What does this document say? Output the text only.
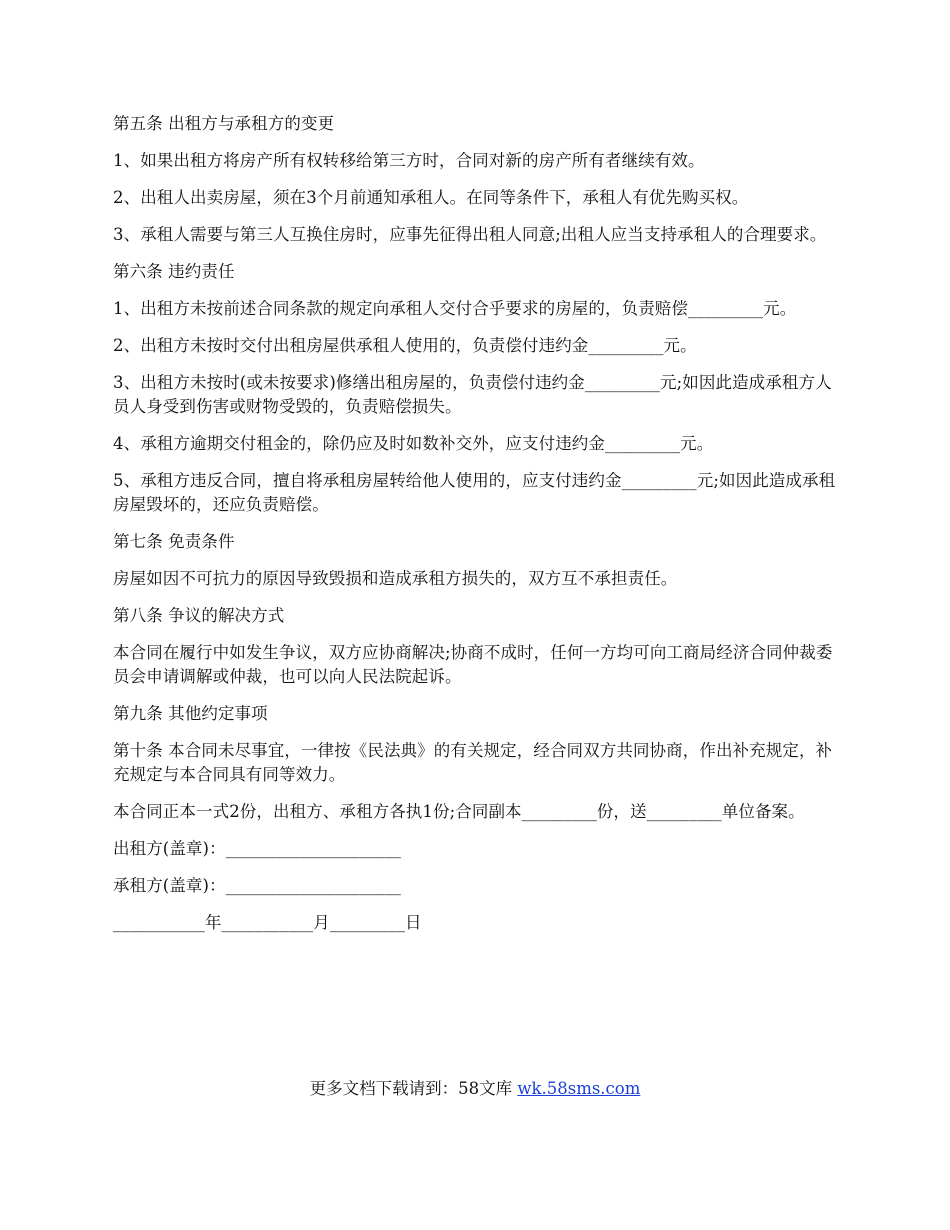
第五条 出租方与承租方的变更

1、如果出租方将房产所有权转移给第三方时，合同对新的房产所有者继续有效。

2、出租人出卖房屋，须在3个月前通知承租人。在同等条件下，承租人有优先购买权。

3、承租人需要与第三人互换住房时，应事先征得出租人同意;出租人应当支持承租人的合理要求。

第六条 违约责任

1、出租方未按前述合同条款的规定向承租人交付合乎要求的房屋的，负责赔偿_________元。

2、出租方未按时交付出租房屋供承租人使用的，负责偿付违约金_________元。

3、出租方未按时(或未按要求)修缮出租房屋的，负责偿付违约金_________元;如因此造成承租方人员人身受到伤害或财物受毁的，负责赔偿损失。

4、承租方逾期交付租金的，除仍应及时如数补交外，应支付违约金_________元。

5、承租方违反合同，擅自将承租房屋转给他人使用的，应支付违约金_________元;如因此造成承租房屋毁坏的，还应负责赔偿。

第七条 免责条件

房屋如因不可抗力的原因导致毁损和造成承租方损失的，双方互不承担责任。

第八条 争议的解决方式

本合同在履行中如发生争议，双方应协商解决;协商不成时，任何一方均可向工商局经济合同仲裁委员会申请调解或仲裁，也可以向人民法院起诉。

第九条 其他约定事项

第十条 本合同未尽事宜，一律按《民法典》的有关规定，经合同双方共同协商，作出补充规定，补充规定与本合同具有同等效力。

本合同正本一式2份，出租方、承租方各执1份;合同副本_________份，送_________单位备案。

出租方(盖章)：_____________________

承租方(盖章)：_____________________

___________年___________月_________日

更多文档下载请到：58文库 wk.58sms.com
